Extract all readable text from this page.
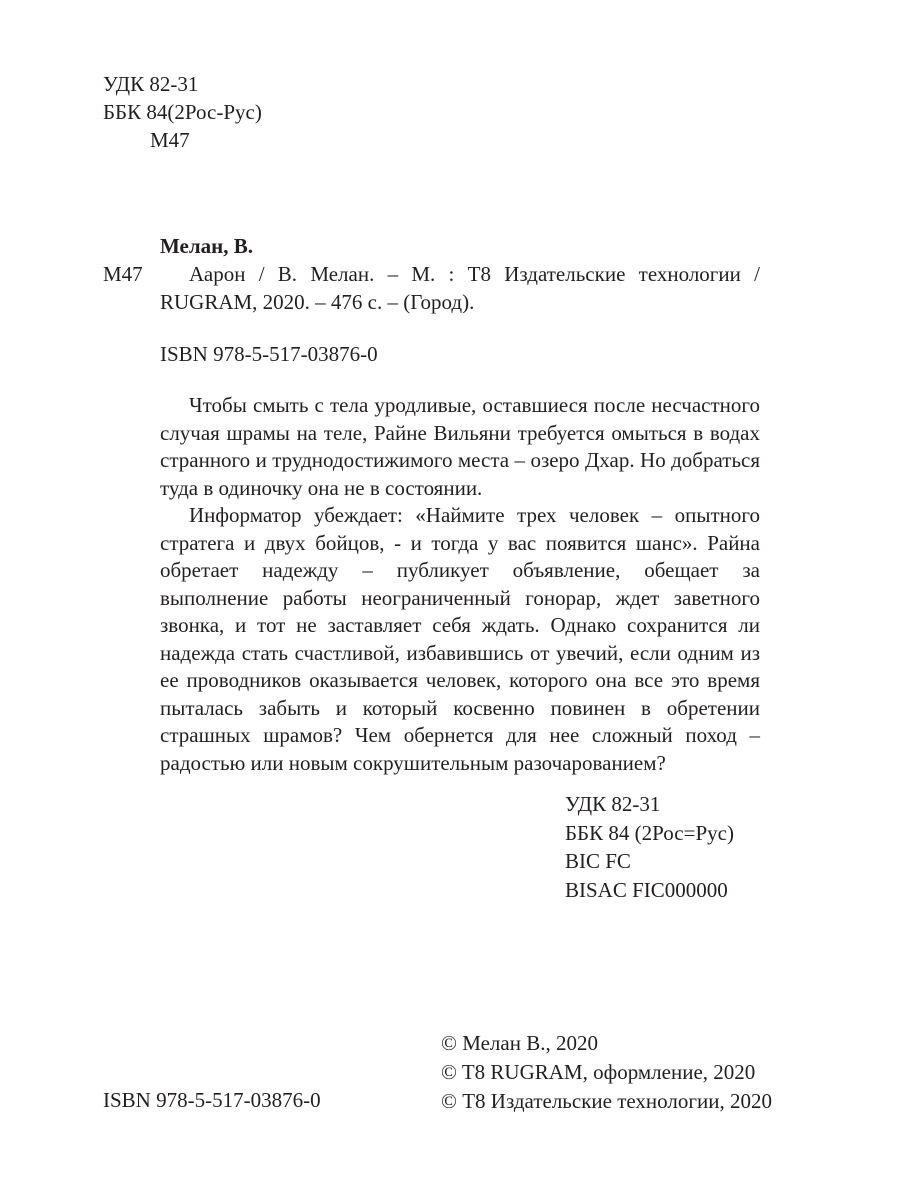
УДК 82-31
ББК 84(2Рос-Рус)
М47
Мелан, В.
М47	Аарон / В. Мелан. – М. : Т8 Издательские технологии /
RUGRAM, 2020. – 476 с. – (Город).
ISBN 978-5-517-03876-0

Чтобы смыть с тела уродливые, оставшиеся после несчастного случая шрамы на теле, Райне Вильяни требуется омыться в водах странного и труднодостижимого места – озеро Дхар. Но добраться туда в одиночку она не в состоянии.

Информатор убеждает: «Наймите трех человек – опытного стратега и двух бойцов, - и тогда у вас появится шанс». Райна обретает надежду – публикует объявление, обещает за выполнение работы неограниченный гонорар, ждет заветного звонка, и тот не заставляет себя ждать. Однако сохранится ли надежда стать счастливой, избавившись от увечий, если одним из ее проводников оказывается человек, которого она все это время пыталась забыть и который косвенно повинен в обретении страшных шрамов? Чем обернется для нее сложный поход – радостью или новым сокрушительным разочарованием?

УДК 82-31
ББК 84 (2Рос=Рус)
BIC FC
BISAC FIC000000
© Мелан В., 2020
© T8 RUGRAM, оформление, 2020
© Т8 Издательские технологии, 2020
ISBN 978-5-517-03876-0
